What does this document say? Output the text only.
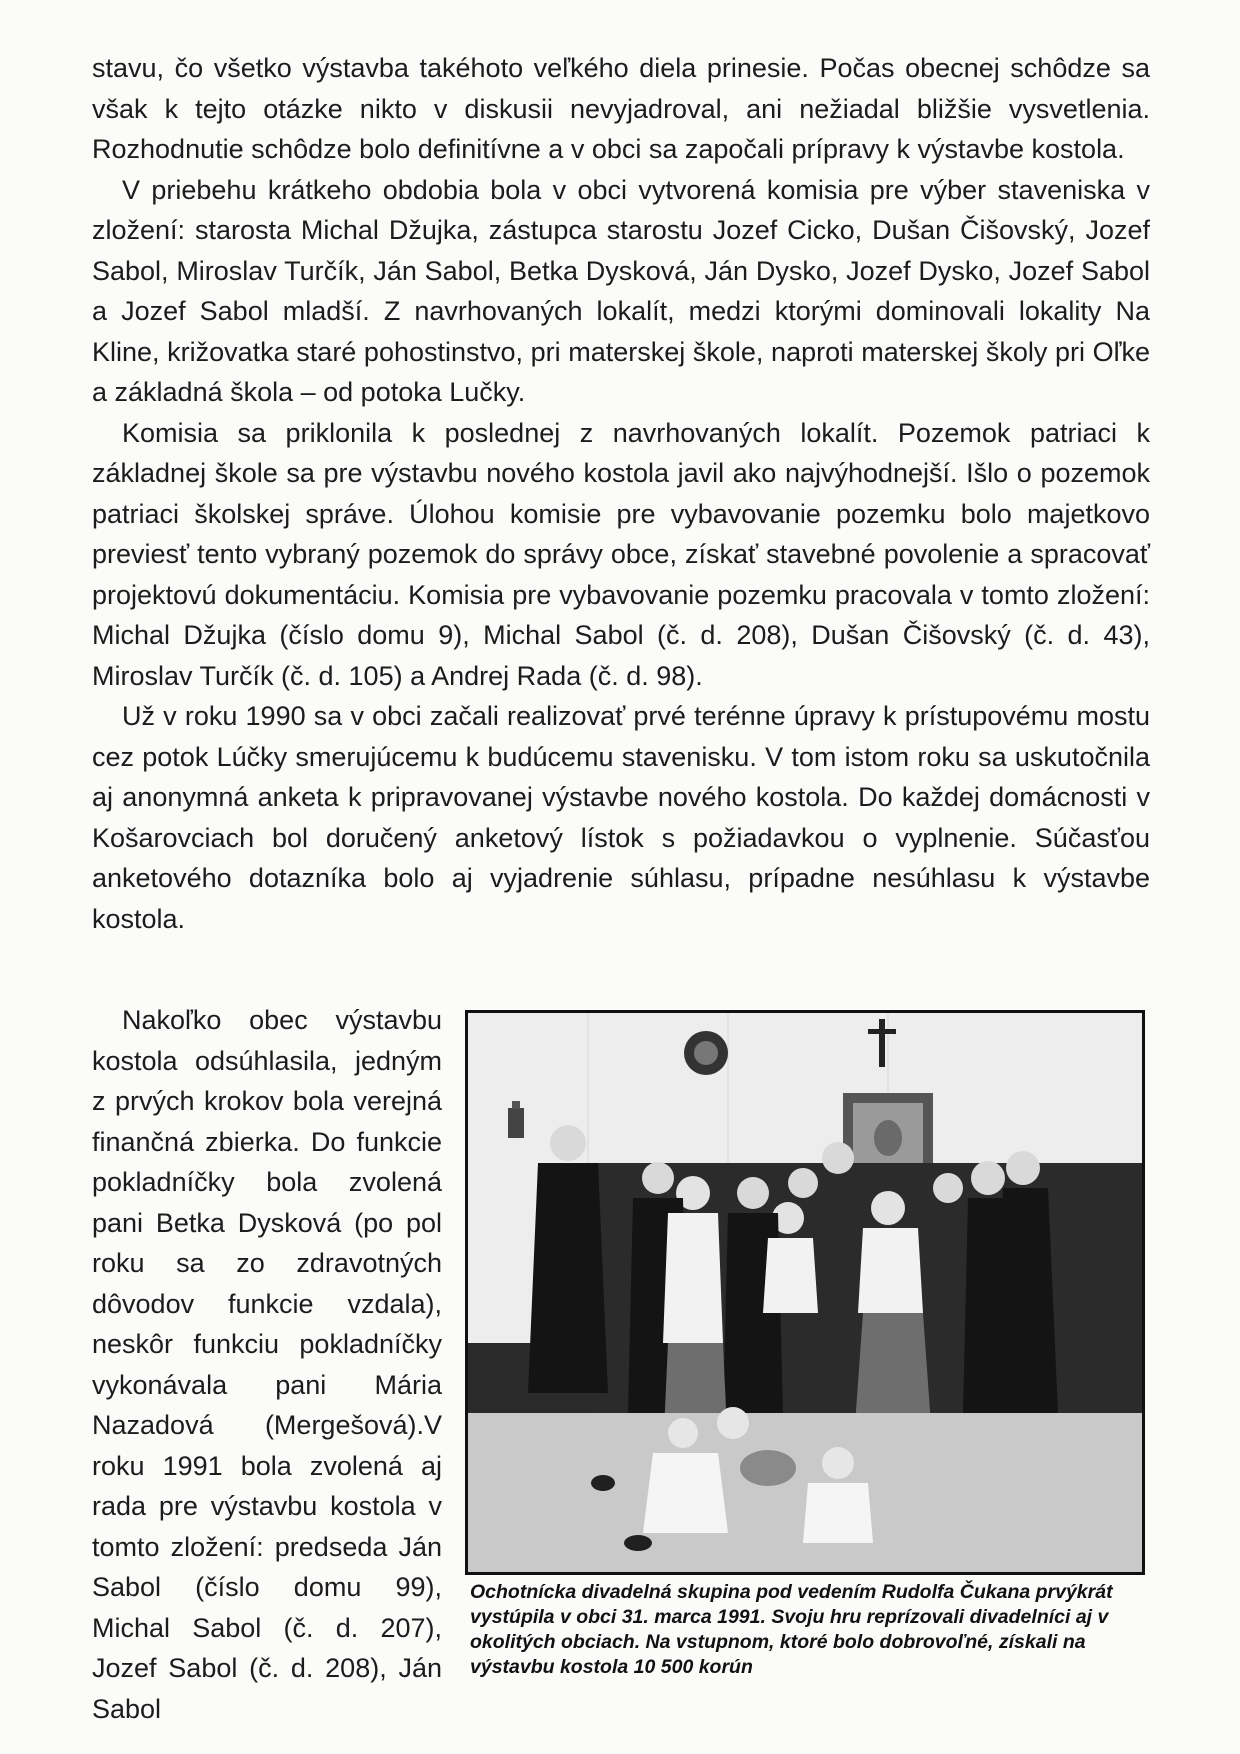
stavu, čo všetko výstavba takéhoto veľkého diela prinesie. Počas obecnej schôdze sa však k tejto otázke nikto v diskusii nevyjadroval, ani nežiadal bližšie vysvetlenia. Rozhodnutie schôdze bolo definitívne a v obci sa započali prípravy k výstavbe kostola.

V priebehu krátkeho obdobia bola v obci vytvorená komisia pre výber staveniska v zložení: starosta Michal Džujka, zástupca starostu Jozef Cicko, Dušan Čišovský, Jozef Sabol, Miroslav Turčík, Ján Sabol, Betka Dysková, Ján Dysko, Jozef Dysko, Jozef Sabol a Jozef Sabol mladší. Z navrhovaných lokalít, medzi ktorými dominovali lokality Na Kline, križovatka staré pohostinstvo, pri materskej škole, naproti materskej školy pri Oľke a základná škola – od potoka Lučky.

Komisia sa priklonila k poslednej z navrhovaných lokalít. Pozemok patriaci k základnej škole sa pre výstavbu nového kostola javil ako najvýhodnejší. Išlo o pozemok patriaci školskej správe. Úlohou komisie pre vybavovanie pozemku bolo majetkovo previesť tento vybraný pozemok do správy obce, získať stavebné povolenie a spracovať projektovú dokumentáciu. Komisia pre vybavovanie pozemku pracovala v tomto zložení: Michal Džujka (číslo domu 9), Michal Sabol (č. d. 208), Dušan Čišovský (č. d. 43), Miroslav Turčík (č. d. 105) a Andrej Rada (č. d. 98).

Už v roku 1990 sa v obci začali realizovať prvé terénne úpravy k prístupovému mostu cez potok Lúčky smerujúcemu k budúcemu stavenisku. V tom istom roku sa uskutočnila aj anonymná anketa k pripravovanej výstavbe nového kostola. Do každej domácnosti v Košarovciach bol doručený anketový lístok s požiadavkou o vyplnenie. Súčasťou anketového dotazníka bolo aj vyjadrenie súhlasu, prípadne nesúhlasu k výstavbe kostola.

Nakoľko obec výstavbu kostola odsúhlasila, jedným z prvých krokov bola verejná finančná zbierka. Do funkcie pokladníčky bola zvolená pani Betka Dysková (po pol roku sa zo zdravotných dôvodov funkcie vzdala), neskôr funkciu pokladníčky vykonávala pani Mária Nazadová (Mergešová).V roku 1991 bola zvolená aj rada pre výstavbu kostola v tomto zložení: predseda Ján Sabol (číslo domu 99), Michal Sabol (č. d. 207), Jozef Sabol (č. d. 208), Ján Sabol

Ochotnícka divadelná skupina pod vedením Rudolfa Čukana prvýkrát vystúpila v obci 31. marca 1991. Svoju hru reprízovali divadelníci aj v okolitých obciach. Na vstupnom, ktoré bolo dobrovoľné, získali na výstavbu kostola 10 500 korún
